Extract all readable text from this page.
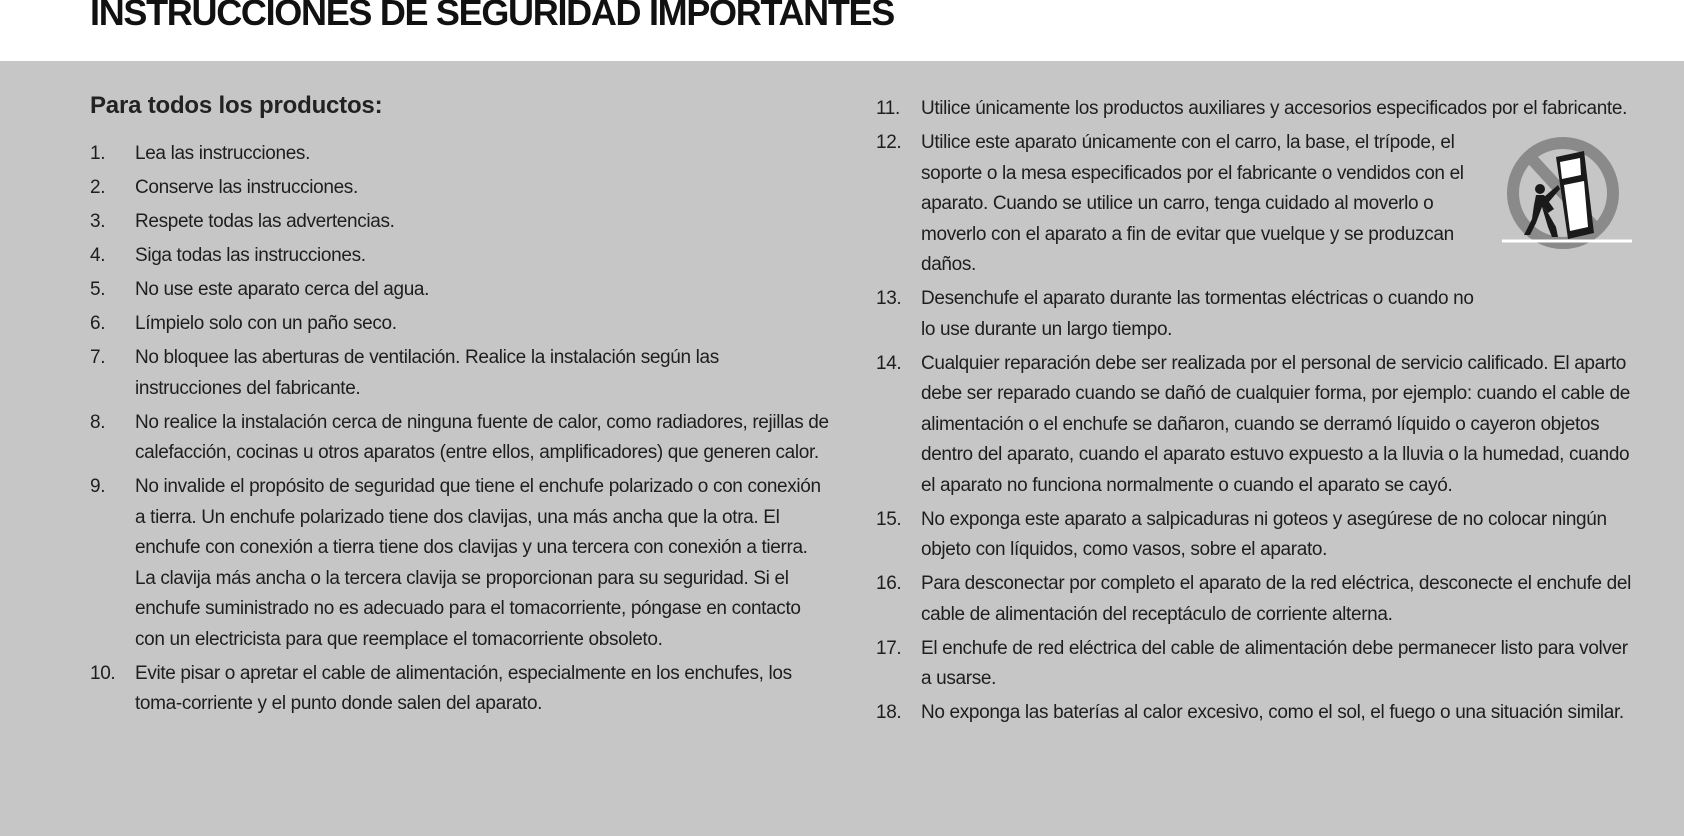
INSTRUCCIONES DE SEGURIDAD IMPORTANTES
Para todos los productos:
1.	Lea las instrucciones.
2.	Conserve las instrucciones.
3.	Respete todas las advertencias.
4.	Siga todas las instrucciones.
5.	No use este aparato cerca del agua.
6.	Límpielo solo con un paño seco.
7.	No bloquee las aberturas de ventilación. Realice la instalación según las instrucciones del fabricante.
8.	No realice la instalación cerca de ninguna fuente de calor, como radiadores, rejillas de calefacción, cocinas u otros aparatos (entre ellos, amplificadores) que generen calor.
9.	No invalide el propósito de seguridad que tiene el enchufe polarizado o con conexión a tierra. Un enchufe polarizado tiene dos clavijas, una más ancha que la otra. El enchufe con conexión a tierra tiene dos clavijas y una tercera con conexión a tierra. La clavija más ancha o la tercera clavija se proporcionan para su seguridad. Si el enchufe suministrado no es adecuado para el tomacorriente, póngase en contacto con un electricista para que reemplace el tomacorriente obsoleto.
10.	Evite pisar o apretar el cable de alimentación, especialmente en los enchufes, los toma-corriente y el punto donde salen del aparato.
11.	Utilice únicamente los productos auxiliares y accesorios especificados por el fabricante.
12.	Utilice este aparato únicamente con el carro, la base, el trípode, el soporte o la mesa especificados por el fabricante o vendidos con el aparato. Cuando se utilice un carro, tenga cuidado al moverlo o moverlo con el aparato a fin de evitar que vuelque y se produzcan daños.
13.	Desenchufe el aparato durante las tormentas eléctricas o cuando no lo use durante un largo tiempo.
14.	Cualquier reparación debe ser realizada por el personal de servicio calificado. El aparto debe ser reparado cuando se dañó de cualquier forma, por ejemplo: cuando el cable de alimentación o el enchufe se dañaron, cuando se derramó líquido o cayeron objetos dentro del aparato, cuando el aparato estuvo expuesto a la lluvia o la humedad, cuando el aparato no funciona normalmente o cuando el aparato se cayó.
15.	No exponga este aparato a salpicaduras ni goteos y asegúrese de no colocar ningún objeto con líquidos, como vasos, sobre el aparato.
16.	Para desconectar por completo el aparato de la red eléctrica, desconecte el enchufe del cable de alimentación del receptáculo de corriente alterna.
17.	El enchufe de red eléctrica del cable de alimentación debe permanecer listo para volver a usarse.
18.	No exponga las baterías al calor excesivo, como el sol, el fuego o una situación similar.
